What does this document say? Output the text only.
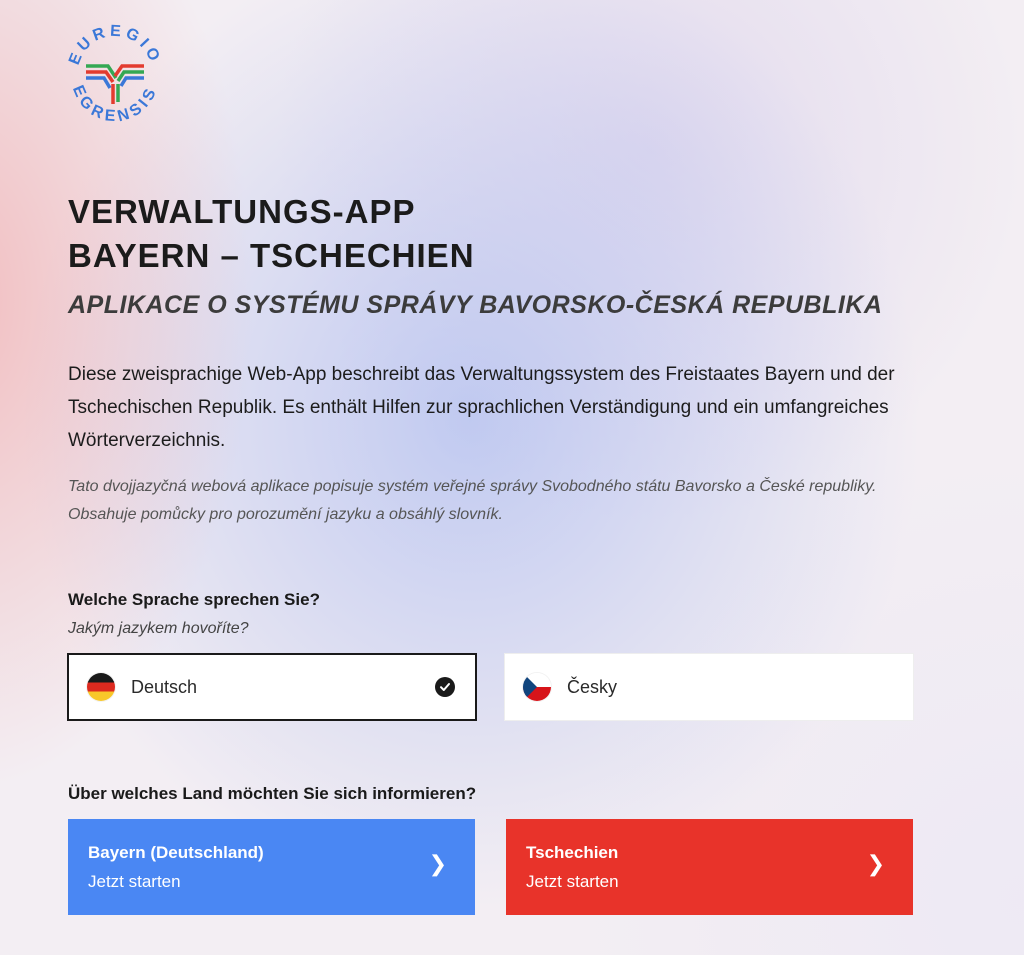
EUREGIO
EGRENSIS
VERWALTUNGS-APP
BAYERN – TSCHECHIEN
APLIKACE O SYSTÉMU SPRÁVY BAVORSKO-ČESKÁ REPUBLIKA

Diese zweisprachige Web-App beschreibt das Verwaltungssystem des Freistaates Bayern und der Tschechischen Republik. Es enthält Hilfen zur sprachlichen Verständigung und ein umfangreiches Wörterverzeichnis.

Tato dvojjazyčná webová aplikace popisuje systém veřejné správy Svobodného státu Bavorsko a České republiky. Obsahuje pomůcky pro porozumění jazyku a obsáhlý slovník.

Welche Sprache sprechen Sie?

Jakým jazykem hovoříte?

Deutsch	Česky

Über welches Land möchten Sie sich informieren?

Bayern (Deutschland)
Jetzt starten
❯	Tschechien
Jetzt starten
❯
